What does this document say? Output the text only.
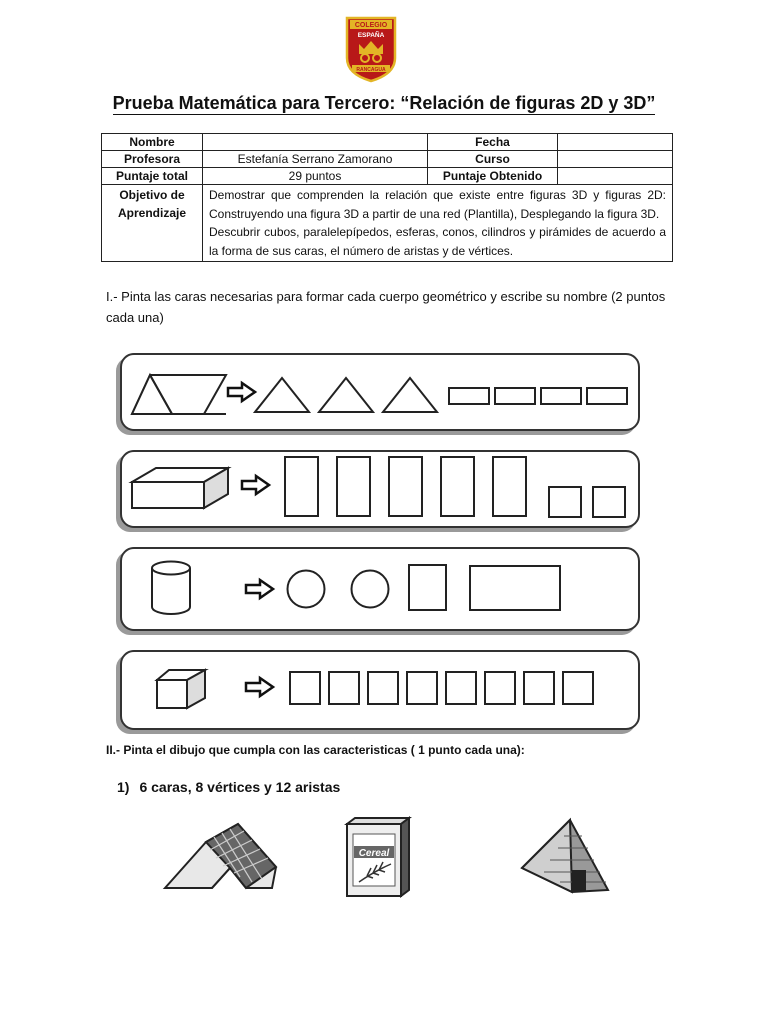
COLEGIO
ESPAÑA
RANCAGUA
Prueba Matemática para Tercero: “Relación de figuras 2D y 3D”
Nombre		Fecha	
Profesora	Estefanía Serrano Zamorano	Curso	
Puntaje total	29 puntos	Puntaje Obtenido	
Objetivo de Aprendizaje	Demostrar que comprenden la relación que existe entre figuras 3D y figuras 2D: Construyendo una figura 3D a partir de una red (Plantilla), Desplegando la figura 3D.
Descubrir cubos, paralelepípedos, esferas, conos, cilindros y pirámides de acuerdo a la forma de sus caras, el número de aristas y de vértices.		
I.- Pinta las caras necesarias para formar cada cuerpo geométrico y escribe su nombre (2 puntos cada una)
II.- Pinta el dibujo que cumpla con las caracteristicas ( 1 punto cada una):
1) 6 caras, 8 vértices y 12 aristas
Cereal
